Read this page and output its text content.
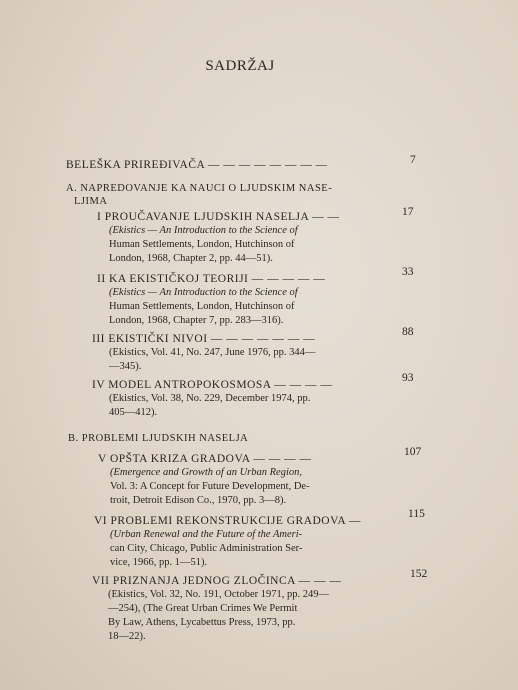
SADRŽAJ
BELEŠKA PRIREĐIVAČA — — — — — — — —	7
A. NAPREDOVANJE KA NAUCI O LJUDSKIM NASE-
LJIMA
I PROUČAVANJE LJUDSKIH NASELJA — —	17
(Ekistics — An Introduction to the Science of
Human Settlements, London, Hutchinson of
London, 1968, Chapter 2, pp. 44—51).
II KA EKISTIČKOJ TEORIJI — — — — —
33
(Ekistics — An Introduction to the Science of
Human Settlements, London, Hutchinson of
London, 1968, Chapter 7, pp. 283—316).
III EKISTIČKI NIVOI — — — — — — —
88
(Ekistics, Vol. 41, No. 247, June 1976, pp. 344—
—345).
IV MODEL ANTROPOKOSMOSA — — — —
93
(Ekistics, Vol. 38, No. 229, December 1974, pp.
405—412).
B. PROBLEMI LJUDSKIH NASELJA
V OPŠTA KRIZA GRADOVA — — — —
107
(Emergence and Growth of an Urban Region,
Vol. 3: A Concept for Future Development, De-
troit, Detroit Edison Co., 1970, pp. 3—8).
VI PROBLEMI REKONSTRUKCIJE GRADOVA —
115
(Urban Renewal and the Future of the Ameri-
can City, Chicago, Public Administration Ser-
vice, 1966, pp. 1—51).
VII PRIZNANJA JEDNOG ZLOČINCA — — —
152
(Ekistics, Vol. 32, No. 191, October 1971, pp. 249—
—254), (The Great Urban Crimes We Permit
By Law, Athens, Lycabettus Press, 1973, pp.
18—22).
